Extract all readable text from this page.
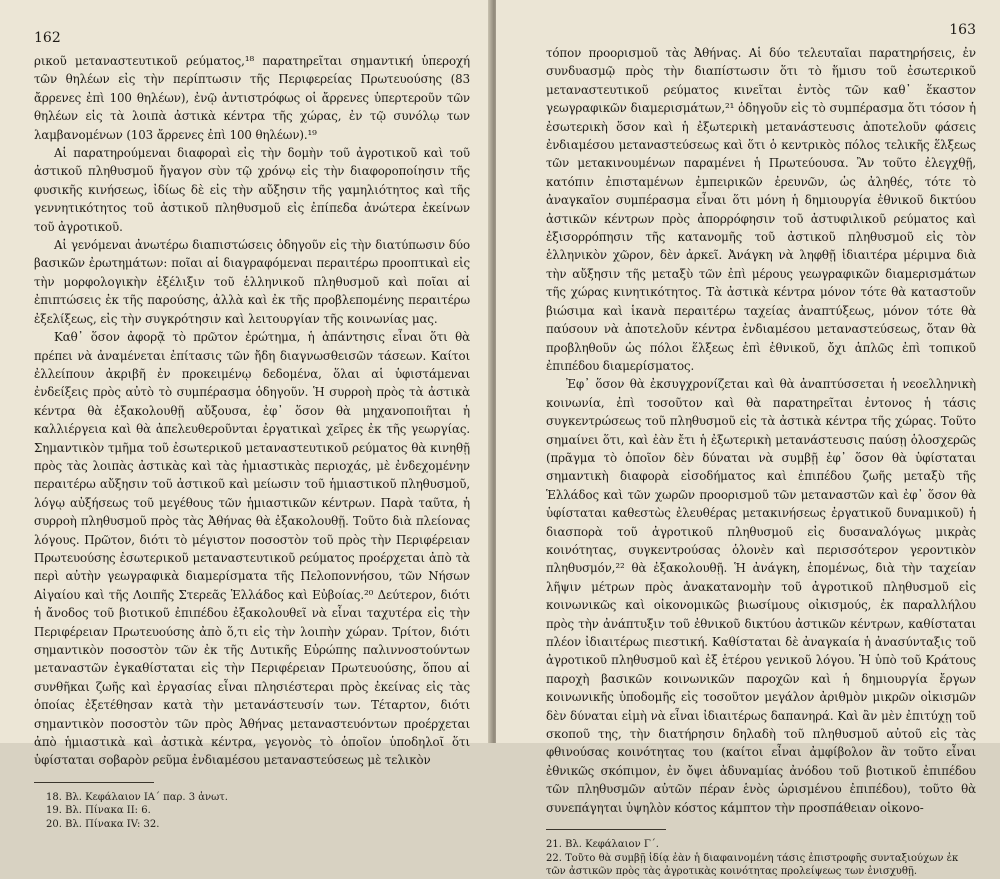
162

ρικοῦ μεταναστευτικοῦ ρεύματος,¹⁸ παρατηρεῖται σημαντική ὑπεροχή τῶν θηλέων εἰς τὴν περίπτωσιν τῆς Περιφερείας Πρωτευούσης (83 ἄρρενες ἐπὶ 100 θηλέων), ἐνῷ ἀντιστρόφως οἱ ἄρρενες ὑπερτεροῦν τῶν θηλέων εἰς τὰ λοιπὰ ἀστικὰ κέντρα τῆς χώρας, ἐν τῷ συνόλῳ των λαμβανομένων (103 ἄρρενες ἐπὶ 100 θηλέων).¹⁹

Αἱ παρατηρούμεναι διαφοραὶ εἰς τὴν δομὴν τοῦ ἀγροτικοῦ καὶ τοῦ ἀστικοῦ πληθυσμοῦ ἤγαγον σὺν τῷ χρόνῳ εἰς τὴν διαφοροποίησιν τῆς φυσικῆς κινήσεως, ἰδίως δὲ εἰς τὴν αὔξησιν τῆς γαμηλιότητος καὶ τῆς γεννητικότητος τοῦ ἀστικοῦ πληθυσμοῦ εἰς ἐπίπεδα ἀνώτερα ἐκείνων τοῦ ἀγροτικοῦ.

Αἱ γενόμεναι ἀνωτέρω διαπιστώσεις ὁδηγοῦν εἰς τὴν διατύπωσιν δύο βασικῶν ἐρωτημάτων: ποῖαι αἱ διαγραφόμεναι περαιτέρω προοπτικαὶ εἰς τὴν μορφολογικὴν ἐξέλιξιν τοῦ ἑλληνικοῦ πληθυσμοῦ καὶ ποῖαι αἱ ἐπιπτώσεις ἐκ τῆς παρούσης, ἀλλὰ καὶ ἐκ τῆς προβλεπομένης περαιτέρω ἐξελίξεως, εἰς τὴν συγκρότησιν καὶ λειτουργίαν τῆς κοινωνίας μας.

Καθ᾽ ὅσον ἀφορᾷ τὸ πρῶτον ἐρώτημα, ἡ ἀπάντησις εἶναι ὅτι θὰ πρέπει νὰ ἀναμένεται ἐπίτασις τῶν ἤδη διαγνωσθεισῶν τάσεων. Καίτοι ἐλλείπουν ἀκριβῆ ἐν προκειμένῳ δεδομένα, ὅλαι αἱ ὑφιστάμεναι ἐνδείξεις πρὸς αὐτὸ τὸ συμπέρασμα ὁδηγοῦν. Ἡ συρροὴ πρὸς τὰ ἀστικὰ κέντρα θὰ ἐξακολουθῇ αὔξουσα, ἐφ᾽ ὅσον θὰ μηχανοποιῆται ἡ καλλιέργεια καὶ θὰ ἀπελευθεροῦνται ἐργατικαὶ χεῖρες ἐκ τῆς γεωργίας. Σημαντικὸν τμῆμα τοῦ ἐσωτερικοῦ μεταναστευτικοῦ ρεύματος θὰ κινηθῇ πρὸς τὰς λοιπὰς ἀστικὰς καὶ τὰς ἡμιαστικὰς περιοχάς, μὲ ἐνδεχομένην περαιτέρω αὔξησιν τοῦ ἀστικοῦ καὶ μείωσιν τοῦ ἡμιαστικοῦ πληθυσμοῦ, λόγῳ αὐξήσεως τοῦ μεγέθους τῶν ἡμιαστικῶν κέντρων. Παρὰ ταῦτα, ἡ συρροὴ πληθυσμοῦ πρὸς τὰς Ἀθήνας θὰ ἐξακολουθῇ. Τοῦτο διὰ πλείονας λόγους. Πρῶτον, διότι τὸ μέγιστον ποσοστὸν τοῦ πρὸς τὴν Περιφέρειαν Πρωτευούσης ἐσωτερικοῦ μεταναστευτικοῦ ρεύματος προέρχεται ἀπὸ τὰ περὶ αὐτὴν γεωγραφικὰ διαμερίσματα τῆς Πελοποννήσου, τῶν Νήσων Αἰγαίου καὶ τῆς Λοιπῆς Στερεᾶς Ἑλλάδος καὶ Εὐβοίας.²⁰ Δεύτερον, διότι ἡ ἄνοδος τοῦ βιοτικοῦ ἐπιπέδου ἐξακολουθεῖ νὰ εἶναι ταχυτέρα εἰς τὴν Περιφέρειαν Πρωτευούσης ἀπὸ ὅ,τι εἰς τὴν λοιπὴν χώραν. Τρίτον, διότι σημαντικὸν ποσοστὸν τῶν ἐκ τῆς Δυτικῆς Εὐρώπης παλιννοστούντων μεταναστῶν ἐγκαθίσταται εἰς τὴν Περιφέρειαν Πρωτευούσης, ὅπου αἱ συνθῆκαι ζωῆς καὶ ἐργασίας εἶναι πλησιέστεραι πρὸς ἐκείνας εἰς τὰς ὁποίας ἐξετέθησαν κατὰ τὴν μετανάστευσίν των. Τέταρτον, διότι σημαντικὸν ποσοστὸν τῶν πρὸς Ἀθήνας μεταναστευόντων προέρχεται ἀπὸ ἡμιαστικὰ καὶ ἀστικὰ κέντρα, γεγονὸς τὸ ὁποῖον ὑποδηλοῖ ὅτι ὑφίσταται σοβαρὸν ρεῦμα ἐνδιαμέσου μεταναστεύσεως μὲ τελικὸν

18. Βλ. Κεφάλαιον ΙΑ´ παρ. 3 ἀνωτ.
19. Βλ. Πίνακα ΙΙ: 6.
20. Βλ. Πίνακα IV: 32.
163

τόπον προορισμοῦ τὰς Ἀθήνας. Αἱ δύο τελευταῖαι παρατηρήσεις, ἐν συνδυασμῷ πρὸς τὴν διαπίστωσιν ὅτι τὸ ἥμισυ τοῦ ἐσωτερικοῦ μεταναστευτικοῦ ρεύματος κινεῖται ἐντὸς τῶν καθ᾽ ἕκαστον γεωγραφικῶν διαμερισμάτων,²¹ ὁδηγοῦν εἰς τὸ συμπέρασμα ὅτι τόσον ἡ ἐσωτερικὴ ὅσον καὶ ἡ ἐξωτερικὴ μετανάστευσις ἀποτελοῦν φάσεις ἐνδιαμέσου μεταναστεύσεως καὶ ὅτι ὁ κεντρικὸς πόλος τελικῆς ἕλξεως τῶν μετακινουμένων παραμένει ἡ Πρωτεύουσα. Ἂν τοῦτο ἐλεγχθῇ, κατόπιν ἐπισταμένων ἐμπειρικῶν ἐρευνῶν, ὡς ἀληθές, τότε τὸ ἀναγκαῖον συμπέρασμα εἶναι ὅτι μόνη ἡ δημιουργία ἐθνικοῦ δικτύου ἀστικῶν κέντρων πρὸς ἀπορρόφησιν τοῦ ἀστυφιλικοῦ ρεύματος καὶ ἐξισορρόπησιν τῆς κατανομῆς τοῦ ἀστικοῦ πληθυσμοῦ εἰς τὸν ἑλληνικὸν χῶρον, δὲν ἀρκεῖ. Ἀνάγκη νὰ ληφθῇ ἰδιαιτέρα μέριμνα διὰ τὴν αὔξησιν τῆς μεταξὺ τῶν ἐπὶ μέρους γεωγραφικῶν διαμερισμάτων τῆς χώρας κινητικότητος. Τὰ ἀστικὰ κέντρα μόνον τότε θὰ καταστοῦν βιώσιμα καὶ ἱκανὰ περαιτέρω ταχείας ἀναπτύξεως, μόνον τότε θὰ παύσουν νὰ ἀποτελοῦν κέντρα ἐνδιαμέσου μεταναστεύσεως, ὅταν θὰ προβληθοῦν ὡς πόλοι ἕλξεως ἐπὶ ἐθνικοῦ, ὄχι ἁπλῶς ἐπὶ τοπικοῦ ἐπιπέδου διαμερίσματος.

Ἐφ᾽ ὅσον θὰ ἐκσυγχρονίζεται καὶ θὰ ἀναπτύσσεται ἡ νεοελληνικὴ κοινωνία, ἐπὶ τοσοῦτον καὶ θὰ παρατηρεῖται ἐντονος ἡ τάσις συγκεντρώσεως τοῦ πληθυσμοῦ εἰς τὰ ἀστικὰ κέντρα τῆς χώρας. Τοῦτο σημαίνει ὅτι, καὶ ἐὰν ἔτι ἡ ἐξωτερικὴ μετανάστευσις παύσῃ ὁλοσχερῶς (πρᾶγμα τὸ ὁποῖον δὲν δύναται νὰ συμβῇ ἐφ᾽ ὅσον θὰ ὑφίσταται σημαντικὴ διαφορὰ εἰσοδήματος καὶ ἐπιπέδου ζωῆς μεταξὺ τῆς Ἑλλάδος καὶ τῶν χωρῶν προορισμοῦ τῶν μεταναστῶν καὶ ἐφ᾽ ὅσον θὰ ὑφίσταται καθεστὼς ἐλευθέρας μετακινήσεως ἐργατικοῦ δυναμικοῦ) ἡ διασπορὰ τοῦ ἀγροτικοῦ πληθυσμοῦ εἰς δυσαναλόγως μικρὰς κοινότητας, συγκεντρούσας ὁλονὲν καὶ περισσότερον γεροντικὸν πληθυσμόν,²² θὰ ἐξακολουθῇ. Ἡ ἀνάγκη, ἑπομένως, διὰ τὴν ταχείαν λῆψιν μέτρων πρὸς ἀνακατανομὴν τοῦ ἀγροτικοῦ πληθυσμοῦ εἰς κοινωνικῶς καὶ οἰκονομικῶς βιωσίμους οἰκισμούς, ἐκ παραλλήλου πρὸς τὴν ἀνάπτυξιν τοῦ ἐθνικοῦ δικτύου ἀστικῶν κέντρων, καθίσταται πλέον ἰδιαιτέρως πιεστική. Καθίσταται δὲ ἀναγκαία ἡ ἀνασύνταξις τοῦ ἀγροτικοῦ πληθυσμοῦ καὶ ἐξ ἑτέρου γενικοῦ λόγου. Ἡ ὑπὸ τοῦ Κράτους παροχὴ βασικῶν κοινωνικῶν παροχῶν καὶ ἡ δημιουργία ἔργων κοινωνικῆς ὑποδομῆς εἰς τοσοῦτον μεγάλον ἀριθμὸν μικρῶν οἰκισμῶν δὲν δύναται εἰμὴ νὰ εἶναι ἰδιαιτέρως δαπανηρά. Καὶ ἂν μὲν ἐπιτύχῃ τοῦ σκοποῦ της, τὴν διατήρησιν δηλαδὴ τοῦ πληθυσμοῦ αὐτοῦ εἰς τὰς φθινούσας κοινότητας του (καίτοι εἶναι ἀμφίβολον ἂν τοῦτο εἶναι ἐθνικῶς σκόπιμον, ἐν ὄψει ἀδυναμίας ἀνόδου τοῦ βιοτικοῦ ἐπιπέδου τῶν πληθυσμῶν αὐτῶν πέραν ἑνὸς ὡρισμένου ἐπιπέδου), τοῦτο θὰ συνεπάγηται ὑψηλὸν κόστος κάμπτον τὴν προσπάθειαν οἰκονο-

21. Βλ. Κεφάλαιον Γ´.
22. Τοῦτο θὰ συμβῇ ἰδίᾳ ἐὰν ἡ διαφαινομένη τάσις ἐπιστροφῆς συνταξιούχων ἐκ τῶν ἀστικῶν πρὸς τὰς ἀγροτικὰς κοινότητας προλείψεως των ἐνισχυθῇ.
